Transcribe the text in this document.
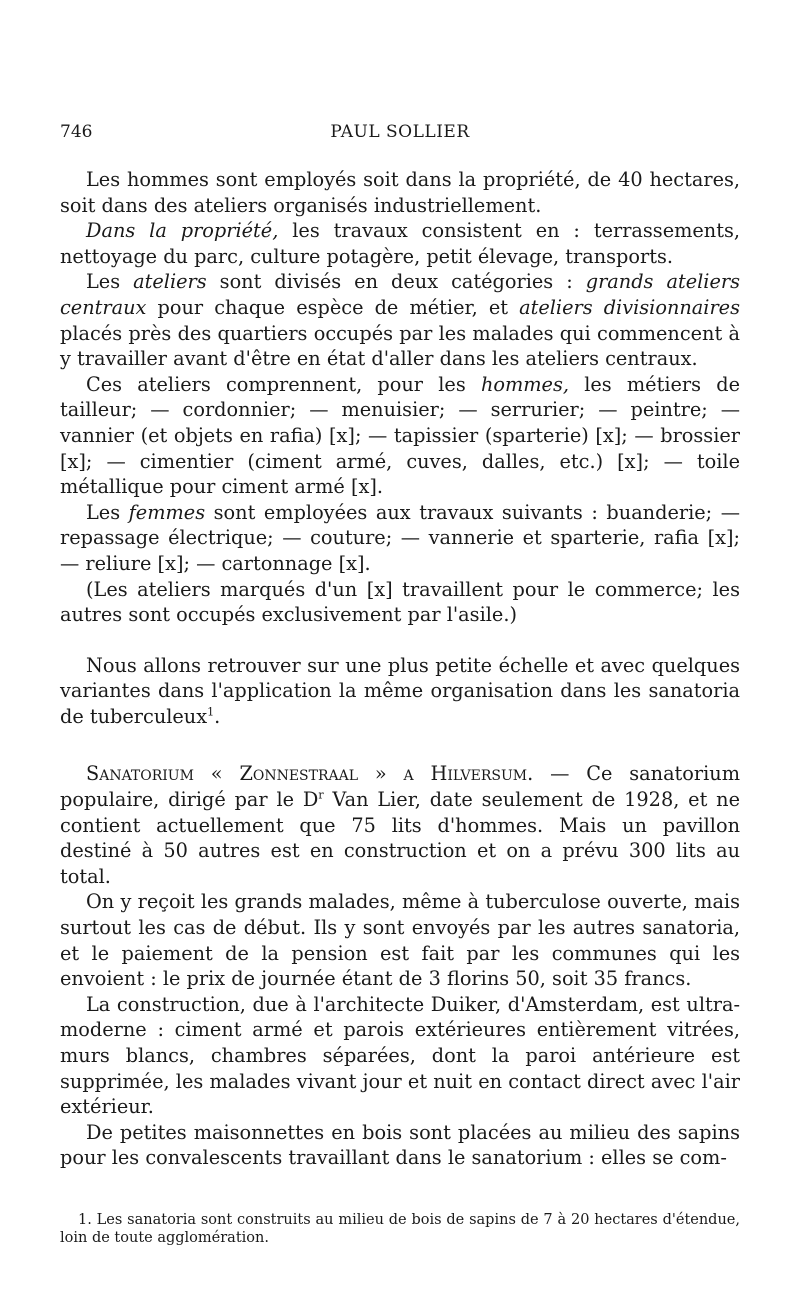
746	PAUL SOLLIER

Les hommes sont employés soit dans la propriété, de 40 hectares, soit dans des ateliers organisés industriellement.

Dans la propriété, les travaux consistent en : terrassements, nettoyage du parc, culture potagère, petit élevage, transports.

Les ateliers sont divisés en deux catégories : grands ateliers centraux pour chaque espèce de métier, et ateliers divisionnaires placés près des quartiers occupés par les malades qui commencent à y travailler avant d'être en état d'aller dans les ateliers centraux.

Ces ateliers comprennent, pour les hommes, les métiers de tailleur; — cordonnier; — menuisier; — serrurier; — peintre; — vannier (et objets en rafia) [x]; — tapissier (sparterie) [x]; — brossier [x]; — cimentier (ciment armé, cuves, dalles, etc.) [x]; — toile métallique pour ciment armé [x].

Les femmes sont employées aux travaux suivants : buanderie; — repassage électrique; — couture; — vannerie et sparterie, rafia [x]; — reliure [x]; — cartonnage [x].

(Les ateliers marqués d'un [x] travaillent pour le commerce; les autres sont occupés exclusivement par l'asile.)

Nous allons retrouver sur une plus petite échelle et avec quelques variantes dans l'application la même organisation dans les sanatoria de tuberculeux$^1$.

Sanatorium « Zonnestraal » a Hilversum. — Ce sanatorium populaire, dirigé par le $D^r$ Van Lier, date seulement de 1928, et ne contient actuellement que 75 lits d'hommes. Mais un pavillon destiné à 50 autres est en construction et on a prévu 300 lits au total.

On y reçoit les grands malades, même à tuberculose ouverte, mais surtout les cas de début. Ils y sont envoyés par les autres sanatoria, et le paiement de la pension est fait par les communes qui les envoient : le prix de journée étant de 3 florins 50, soit 35 francs.

La construction, due à l'architecte Duiker, d'Amsterdam, est ultra-moderne : ciment armé et parois extérieures entièrement vitrées, murs blancs, chambres séparées, dont la paroi antérieure est supprimée, les malades vivant jour et nuit en contact direct avec l'air extérieur.

De petites maisonnettes en bois sont placées au milieu des sapins pour les convalescents travaillant dans le sanatorium : elles se com-

1. Les sanatoria sont construits au milieu de bois de sapins de 7 à 20 hectares d'étendue, loin de toute agglomération.
